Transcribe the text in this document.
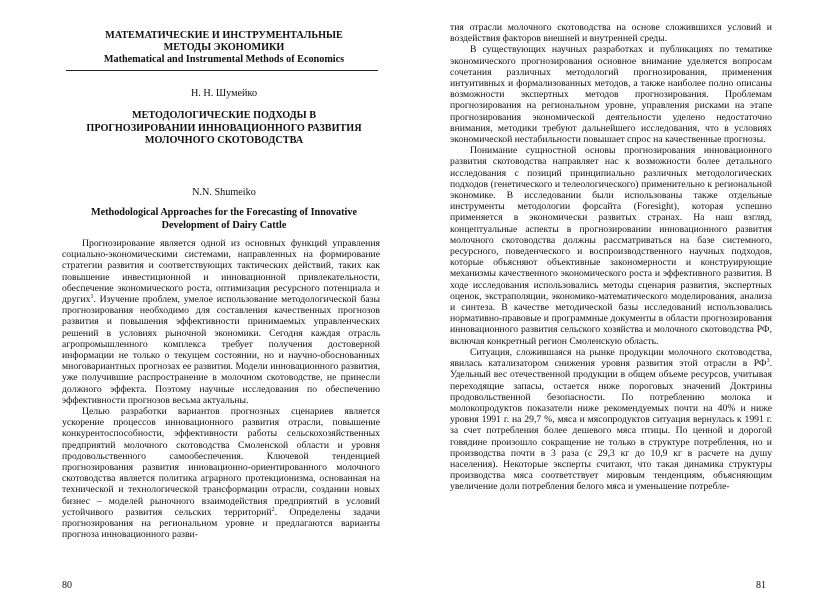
МАТЕМАТИЧЕСКИЕ И ИНСТРУМЕНТАЛЬНЫЕ
МЕТОДЫ ЭКОНОМИКИ
Mathematical and Instrumental Methods of Economics
Н. Н. Шумейко
МЕТОДОЛОГИЧЕСКИЕ ПОДХОДЫ В
ПРОГНОЗИРОВАНИИ ИННОВАЦИОННОГО РАЗВИТИЯ
МОЛОЧНОГО СКОТОВОДСТВА
N.N. Shumeiko
Methodological Approaches for the Forecasting of Innovative
Development of Dairy Cattle

Прогнозирование является одной из основных функций управления социально-экономическими системами, направленных на формирование стратегии развития и соответствующих тактических действий, таких как повышение инвестиционной и инновационной привлекательности, обеспечение экономического роста, оптимизация ресурсного потенциала и других$^1$. Изучение проблем, умелое использование методологической базы прогнозирования необходимо для составления качественных прогнозов развития и повышения эффективности принимаемых управленческих решений в условиях рыночной экономики. Сегодня каждая отрасль агропромышленного комплекса требует получения достоверной информации не только о текущем состоянии, но и научно-обоснованных многовариантных прогнозах ее развития. Модели инновационного развития, уже получившие распространение в молочном скотоводстве, не принесли должного эффекта. Поэтому научные исследования по обеспечению эффективности прогнозов весьма актуальны.

Целью разработки вариантов прогнозных сценариев является ускорение процессов инновационного развития отрасли, повышение конкурентоспособности, эффективности работы сельскохозяйственных предприятий молочного скотоводства Смоленской области и уровня продовольственного самообеспечения. Ключевой тенденцией прогнозирования развития инновационно-ориентированного молочного скотоводства является политика аграрного протекционизма, основанная на технической и технологической трансформации отрасли, создании новых бизнес – моделей рыночного взаимодействия предприятий в условий устойчивого развития сельских территорий$^2$. Определены задачи прогнозирования на региональном уровне и предлагаются варианты прогноза инновационного разви-

80

тия отрасли молочного скотоводства на основе сложившихся условий и воздействия факторов внешней и внутренней среды.

В существующих научных разработках и публикациях по тематике экономического прогнозирования основное внимание уделяется вопросам сочетания различных методологий прогнозирования, применения интуитивных и формализованных методов, а также наиболее полно описаны возможности экспертных методов прогнозирования. Проблемам прогнозирования на региональном уровне, управления рисками на этапе прогнозирования экономической деятельности уделено недостаточно внимания, методики требуют дальнейшего исследования, что в условиях экономической нестабильности повышает спрос на качественные прогнозы.

Понимание сущностной основы прогнозирования инновационного развития скотоводства направляет нас к возможности более детального исследования с позиций принципиально различных методологических подходов (генетического и телеологического) применительно к региональной экономике. В исследовании были использованы также отдельные инструменты методологии форсайта (Foresight), которая успешно применяется в экономически развитых странах. На наш взгляд, концептуальные аспекты в прогнозировании инновационного развития молочного скотоводства должны рассматриваться на базе системного, ресурсного, поведенческого и воспроизводственного научных подходов, которые объясняют объективные закономерности и конструирующие механизмы качественного экономического роста и эффективного развития. В ходе исследования использовались методы сценария развития, экспертных оценок, экстраполяции, экономико-математического моделирования, анализа и синтеза. В качестве методической базы исследований использовались нормативно-правовые и программные документы в области прогнозирования инновационного развития сельского хозяйства и молочного скотоводства РФ, включая конкретный регион Смоленскую область.

Ситуация, сложившаяся на рынке продукции молочного скотоводства, явилась катализатором снижения уровня развития этой отрасли в $РФ^3$. Удельный вес отечественной продукции в общем объеме ресурсов, учитывая переходящие запасы, остается ниже пороговых значений Доктрины продовольственной безопасности. По потреблению молока и молокопродуктов показатели ниже рекомендуемых почти на 40% и ниже уровня 1991 г. на 29,7 %, мяса и мясопродуктов ситуация вернулась к 1991 г. за счет потребления более дешевого мяса птицы. По ценной и дорогой говядине произошло сокращение не только в структуре потребления, но и производства почти в 3 раза (с 29,3 кг до 10,9 кг в расчете на душу населения). Некоторые эксперты считают, что такая динамика структуры производства мяса соответствует мировым тенденциям, объясняющим увеличение доли потребления белого мяса и уменьшение потребле-

81
